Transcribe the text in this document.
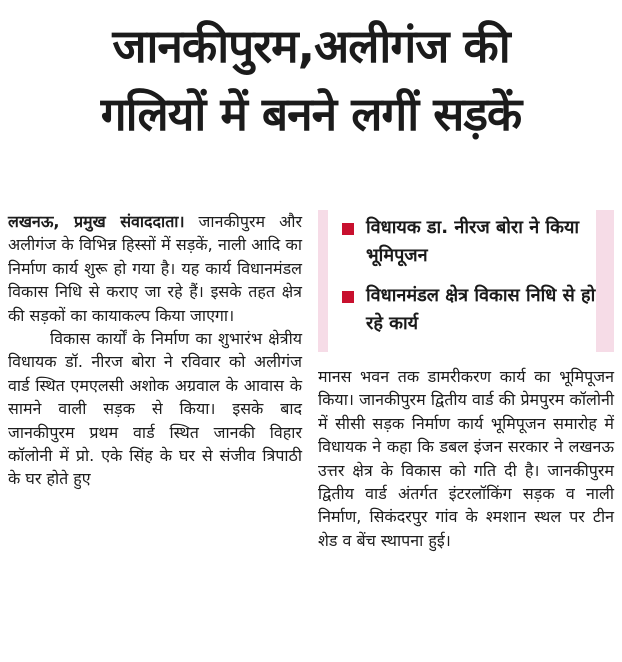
जानकीपुरम,अलीगंज की
गलियों में बनने लगीं सड़कें

लखनऊ, प्रमुख संवाददाता। जानकीपुरम और अलीगंज के विभिन्न हिस्सों में सड़कें, नाली आदि का निर्माण कार्य शुरू हो गया है। यह कार्य विधानमंडल विकास निधि से कराए जा रहे हैं। इसके तहत क्षेत्र की सड़कों का कायाकल्प किया जाएगा।

विकास कार्यों के निर्माण का शुभारंभ क्षेत्रीय विधायक डॉ. नीरज बोरा ने रविवार को अलीगंज वार्ड स्थित एमएलसी अशोक अग्रवाल के आवास के सामने वाली सड़क से किया। इसके बाद जानकीपुरम प्रथम वार्ड स्थित जानकी विहार कॉलोनी में प्रो. एके सिंह के घर से संजीव त्रिपाठी के घर होते हुए

विधायक डा. नीरज बोरा ने किया भूमिपूजन
विधानमंडल क्षेत्र विकास निधि से हो रहे कार्य

मानस भवन तक डामरीकरण कार्य का भूमिपूजन किया। जानकीपुरम द्वितीय वार्ड की प्रेमपुरम कॉलोनी में सीसी सड़क निर्माण कार्य भूमिपूजन समारोह में विधायक ने कहा कि डबल इंजन सरकार ने लखनऊ उत्तर क्षेत्र के विकास को गति दी है। जानकीपुरम द्वितीय वार्ड अंतर्गत इंटरलॉकिंग सड़क व नाली निर्माण, सिकंदरपुर गांव के श्मशान स्थल पर टीन शेड व बेंच स्थापना हुई।
